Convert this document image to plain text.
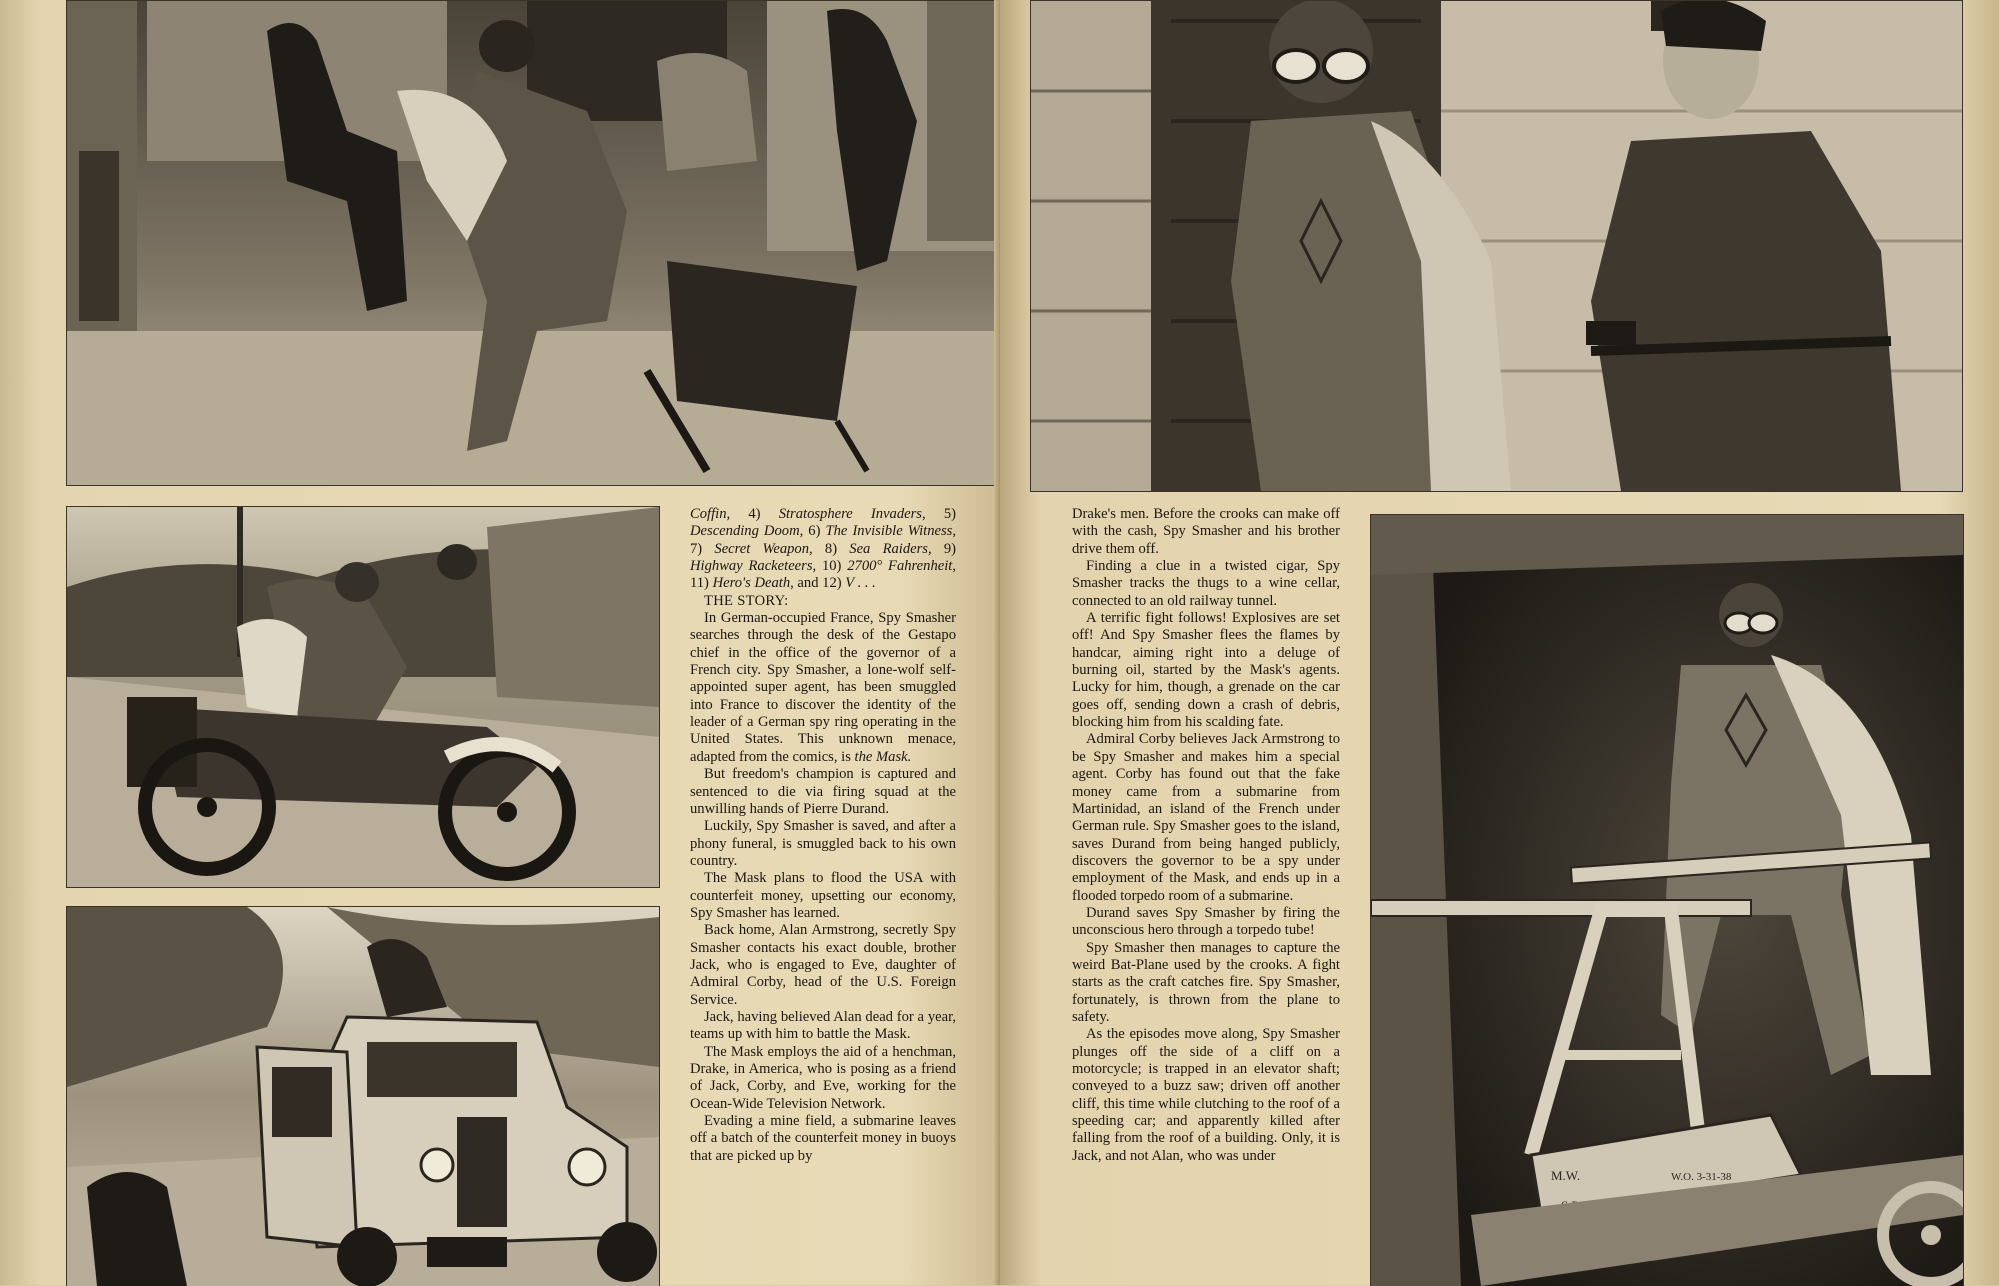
Coffin, 4) Stratosphere Invaders, 5) Descending Doom, 6) The Invisible Witness, 7) Secret Weapon, 8) Sea Raiders, 9) Highway Racketeers, 10) 2700° Fahrenheit, 11) Hero's Death, and 12) V . . .

THE STORY:

In German-occupied France, Spy Smasher searches through the desk of the Gestapo chief in the office of the governor of a French city. Spy Smasher, a lone-wolf self-appointed super agent, has been smuggled into France to discover the identity of the leader of a German spy ring operating in the United States. This unknown menace, adapted from the comics, is the Mask.

But freedom's champion is captured and sentenced to die via firing squad at the unwilling hands of Pierre Durand.

Luckily, Spy Smasher is saved, and after a phony funeral, is smuggled back to his own country.

The Mask plans to flood the USA with counterfeit money, upsetting our economy, Spy Smasher has learned.

Back home, Alan Armstrong, secretly Spy Smasher contacts his exact double, brother Jack, who is engaged to Eve, daughter of Admiral Corby, head of the U.S. Foreign Service.

Jack, having believed Alan dead for a year, teams up with him to battle the Mask.

The Mask employs the aid of a henchman, Drake, in America, who is posing as a friend of Jack, Corby, and Eve, working for the Ocean-Wide Television Network.

Evading a mine field, a submarine leaves off a batch of the counterfeit money in buoys that are picked up by

M.W.	W.O. 3-31-38

Drake's men. Before the crooks can make off with the cash, Spy Smasher and his brother drive them off.

Finding a clue in a twisted cigar, Spy Smasher tracks the thugs to a wine cellar, connected to an old railway tunnel.

A terrific fight follows! Explosives are set off! And Spy Smasher flees the flames by handcar, aiming right into a deluge of burning oil, started by the Mask's agents. Lucky for him, though, a grenade on the car goes off, sending down a crash of debris, blocking him from his scalding fate.

Admiral Corby believes Jack Armstrong to be Spy Smasher and makes him a special agent. Corby has found out that the fake money came from a submarine from Martinidad, an island of the French under German rule. Spy Smasher goes to the island, saves Durand from being hanged publicly, discovers the governor to be a spy under employment of the Mask, and ends up in a flooded torpedo room of a submarine.

Durand saves Spy Smasher by firing the unconscious hero through a torpedo tube!

Spy Smasher then manages to capture the weird Bat-Plane used by the crooks. A fight starts as the craft catches fire. Spy Smasher, fortunately, is thrown from the plane to safety.

As the episodes move along, Spy Smasher plunges off the side of a cliff on a motorcycle; is trapped in an elevator shaft; conveyed to a buzz saw; driven off another cliff, this time while clutching to the roof of a speeding car; and apparently killed after falling from the roof of a building. Only, it is Jack, and not Alan, who was under
